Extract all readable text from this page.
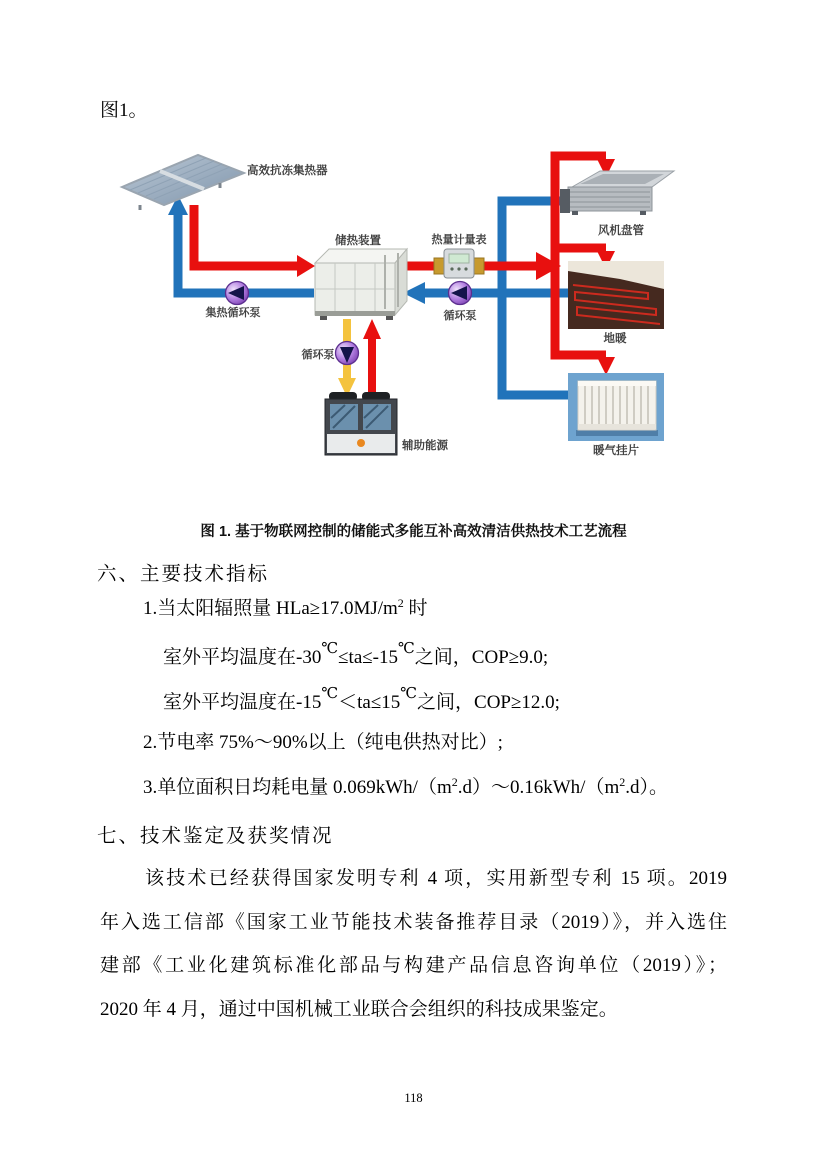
图1。

高效抗冻集热器
储热装置	热量计量表
集热循环泵	循环泵
循环泵
辅助能源
风机盘管
地暖
暖气挂片

图 1. 基于物联网控制的储能式多能互补高效清洁供热技术工艺流程

六、主要技术指标

1.当太阳辐照量 $HLa\ge 17.0MJ/m^2$ 时

室外平均温度在-30℃≤ta≤-15℃之间，COP≥9.0;

室外平均温度在-15℃＜ta≤15℃之间，COP≥12.0;

2.节电率 75%～90%以上（纯电供热对比）;

3.单位面积日均耗电量 $0.069kWh/(m^2.d)\sim 0.16kWh/(m^2.d)$。

七、技术鉴定及获奖情况

该技术已经获得国家发明专利 4 项，实用新型专利 15 项。2019

年入选工信部《国家工业节能技术装备推荐目录（2019）》，并入选住

建部《工业化建筑标准化部品与构建产品信息咨询单位（2019）》；

2020 年 4 月，通过中国机械工业联合会组织的科技成果鉴定。

118
